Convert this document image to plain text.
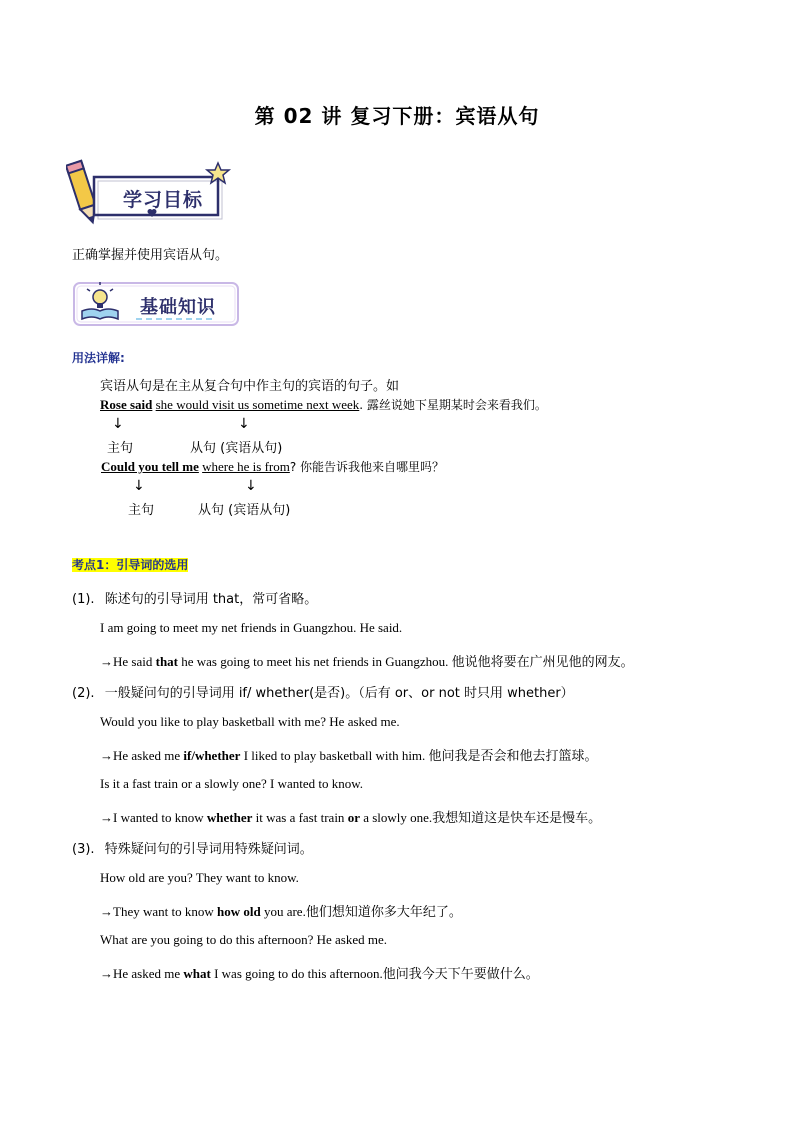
第 02 讲 复习下册：宾语从句
学习目标
正确掌握并使用宾语从句。
基础知识
用法详解:
宾语从句是在主从复合句中作主句的宾语的句子。如
Rose said she would visit us sometime next week. 露丝说她下星期某时会来看我们。
↓	↓
主句	从句 (宾语从句)
Could you tell me where he is from? 你能告诉我他来自哪里吗？
↓	↓
主句	从句 (宾语从句)
考点1：引导词的选用
(1). 陈述句的引导词用 that，常可省略。
I am going to meet my net friends in Guangzhou. He said.
→He said that he was going to meet his net friends in Guangzhou. 他说他将要在广州见他的网友。
(2). 一般疑问句的引导词用 if/ whether(是否)。（后有 or、or not 时只用 whether）
Would you like to play basketball with me? He asked me.
→He asked me if/whether I liked to play basketball with him. 他问我是否会和他去打篮球。
Is it a fast train or a slowly one? I wanted to know.
→I wanted to know whether it was a fast train or a slowly one.我想知道这是快车还是慢车。
(3). 特殊疑问句的引导词用特殊疑问词。
How old are you? They want to know.
→They want to know how old you are.他们想知道你多大年纪了。
What are you going to do this afternoon? He asked me.
→He asked me what I was going to do this afternoon.他问我今天下午要做什么。
